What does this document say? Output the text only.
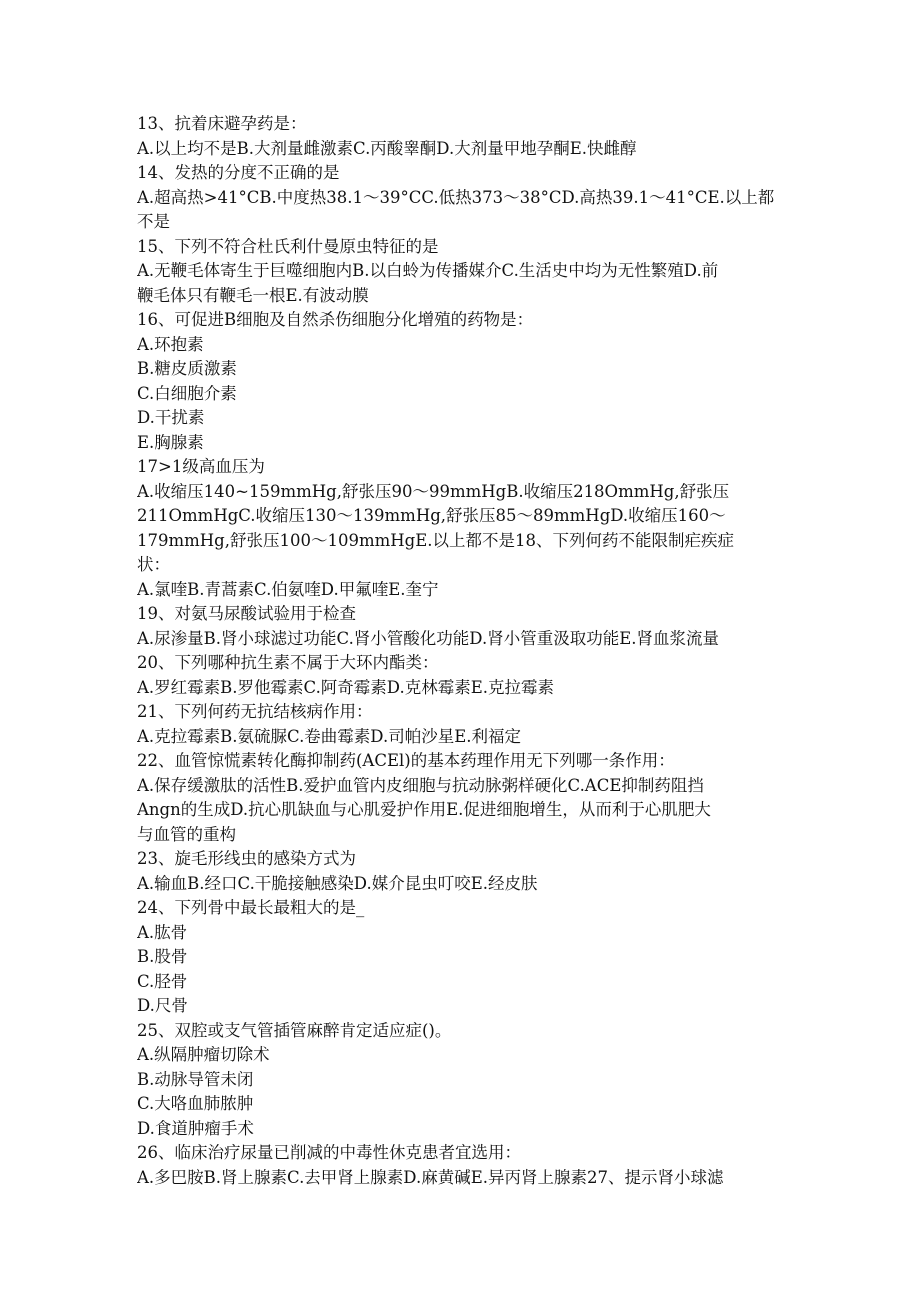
13、抗着床避孕药是：
A.以上均不是B.大剂量雌激素C.丙酸睾酮D.大剂量甲地孕酮E.快雌醇
14、发热的分度不正确的是
A.超高热>41°CB.中度热38.1～39°CC.低热373～38°CD.高热39.1～41°CE.以上都
不是
15、下列不符合杜氏利什曼原虫特征的是
A.无鞭毛体寄生于巨噬细胞内B.以白蛉为传播媒介C.生活史中均为无性繁殖D.前
鞭毛体只有鞭毛一根E.有波动膜
16、可促进B细胞及自然杀伤细胞分化增殖的药物是：
A.环抱素
B.糖皮质激素
C.白细胞介素
D.干扰素
E.胸腺素
17>1级高血压为
A.收缩压140~159mmHg,舒张压90～99mmHgB.收缩压218OmmHg,舒张压
211OmmHgC.收缩压130～139mmHg,舒张压85～89mmHgD.收缩压160～
179mmHg,舒张压100～109mmHgE.以上都不是18、下列何药不能限制疟疾症
状：
A.氯喹B.青蒿素C.伯氨喹D.甲氟喹E.奎宁
19、对氨马尿酸试验用于检查
A.尿渗量B.肾小球滤过功能C.肾小管酸化功能D.肾小管重汲取功能E.肾血浆流量
20、下列哪种抗生素不属于大环内酯类：
A.罗红霉素B.罗他霉素C.阿奇霉素D.克林霉素E.克拉霉素
21、下列何药无抗结核病作用：
A.克拉霉素B.氨硫脲C.卷曲霉素D.司帕沙星E.利福定
22、血管惊慌素转化酶抑制药(ACEl)的基本药理作用无下列哪一条作用：
A.保存缓激肽的活性B.爱护血管内皮细胞与抗动脉粥样硬化C.ACE抑制药阻挡
Angn的生成D.抗心肌缺血与心肌爱护作用E.促进细胞增生，从而利于心肌肥大
与血管的重构
23、旋毛形线虫的感染方式为
A.输血B.经口C.干脆接触感染D.媒介昆虫叮咬E.经皮肤
24、下列骨中最长最粗大的是_
A.肱骨
B.股骨
C.胫骨
D.尺骨
25、双腔或支气管插管麻醉肯定适应症()。
A.纵隔肿瘤切除术
B.动脉导管未闭
C.大咯血肺脓肿
D.食道肿瘤手术
26、临床治疗尿量已削减的中毒性休克患者宜选用：
A.多巴胺B.肾上腺素C.去甲肾上腺素D.麻黄碱E.异丙肾上腺素27、提示肾小球滤
